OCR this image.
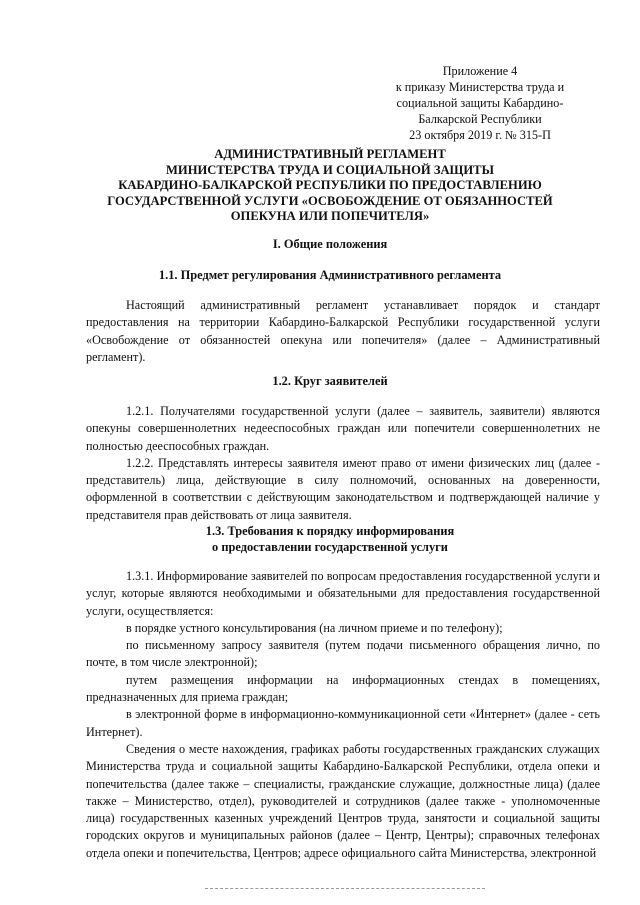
Приложение 4
к приказу Министерства труда и
социальной защиты Кабардино-
Балкарской Республики
23 октября 2019 г. № 315-П
АДМИНИСТРАТИВНЫЙ РЕГЛАМЕНТ
МИНИСТЕРСТВА ТРУДА И СОЦИАЛЬНОЙ ЗАЩИТЫ
КАБАРДИНО-БАЛКАРСКОЙ РЕСПУБЛИКИ ПО ПРЕДОСТАВЛЕНИЮ
ГОСУДАРСТВЕННОЙ УСЛУГИ «ОСВОБОЖДЕНИЕ ОТ ОБЯЗАННОСТЕЙ
ОПЕКУНА ИЛИ ПОПЕЧИТЕЛЯ»
I. Общие положения
1.1. Предмет регулирования Административного регламента

Настоящий административный регламент устанавливает порядок и стандарт предоставления на территории Кабардино-Балкарской Республики государственной услуги «Освобождение от обязанностей опекуна или попечителя» (далее – Административный регламент).

1.2. Круг заявителей

1.2.1. Получателями государственной услуги (далее – заявитель, заявители) являются опекуны совершеннолетних недееспособных граждан или попечители совершеннолетних не полностью дееспособных граждан.

1.2.2. Представлять интересы заявителя имеют право от имени физических лиц (далее - представитель) лица, действующие в силу полномочий, основанных на доверенности, оформленной в соответствии с действующим законодательством и подтверждающей наличие у представителя прав действовать от лица заявителя.

1.3. Требования к порядку информирования
о предоставлении государственной услуги

1.3.1. Информирование заявителей по вопросам предоставления государственной услуги и услуг, которые являются необходимыми и обязательными для предоставления государственной услуги, осуществляется:

в порядке устного консультирования (на личном приеме и по телефону);

по письменному запросу заявителя (путем подачи письменного обращения лично, по почте, в том числе электронной);

путем размещения информации на информационных стендах в помещениях, предназначенных для приема граждан;

в электронной форме в информационно-коммуникационной сети «Интернет» (далее - сеть Интернет).

Сведения о месте нахождения, графиках работы государственных гражданских служащих Министерства труда и социальной защиты Кабардино-Балкарской Республики, отдела опеки и попечительства (далее также – специалисты, гражданские служащие, должностные лица) (далее также – Министерство, отдел), руководителей и сотрудников (далее также - уполномоченные лица) государственных казенных учреждений Центров труда, занятости и социальной защиты городских округов и муниципальных районов (далее – Центр, Центры); справочных телефонах отдела опеки и попечительства, Центров; адресе официального сайта Министерства, электронной
